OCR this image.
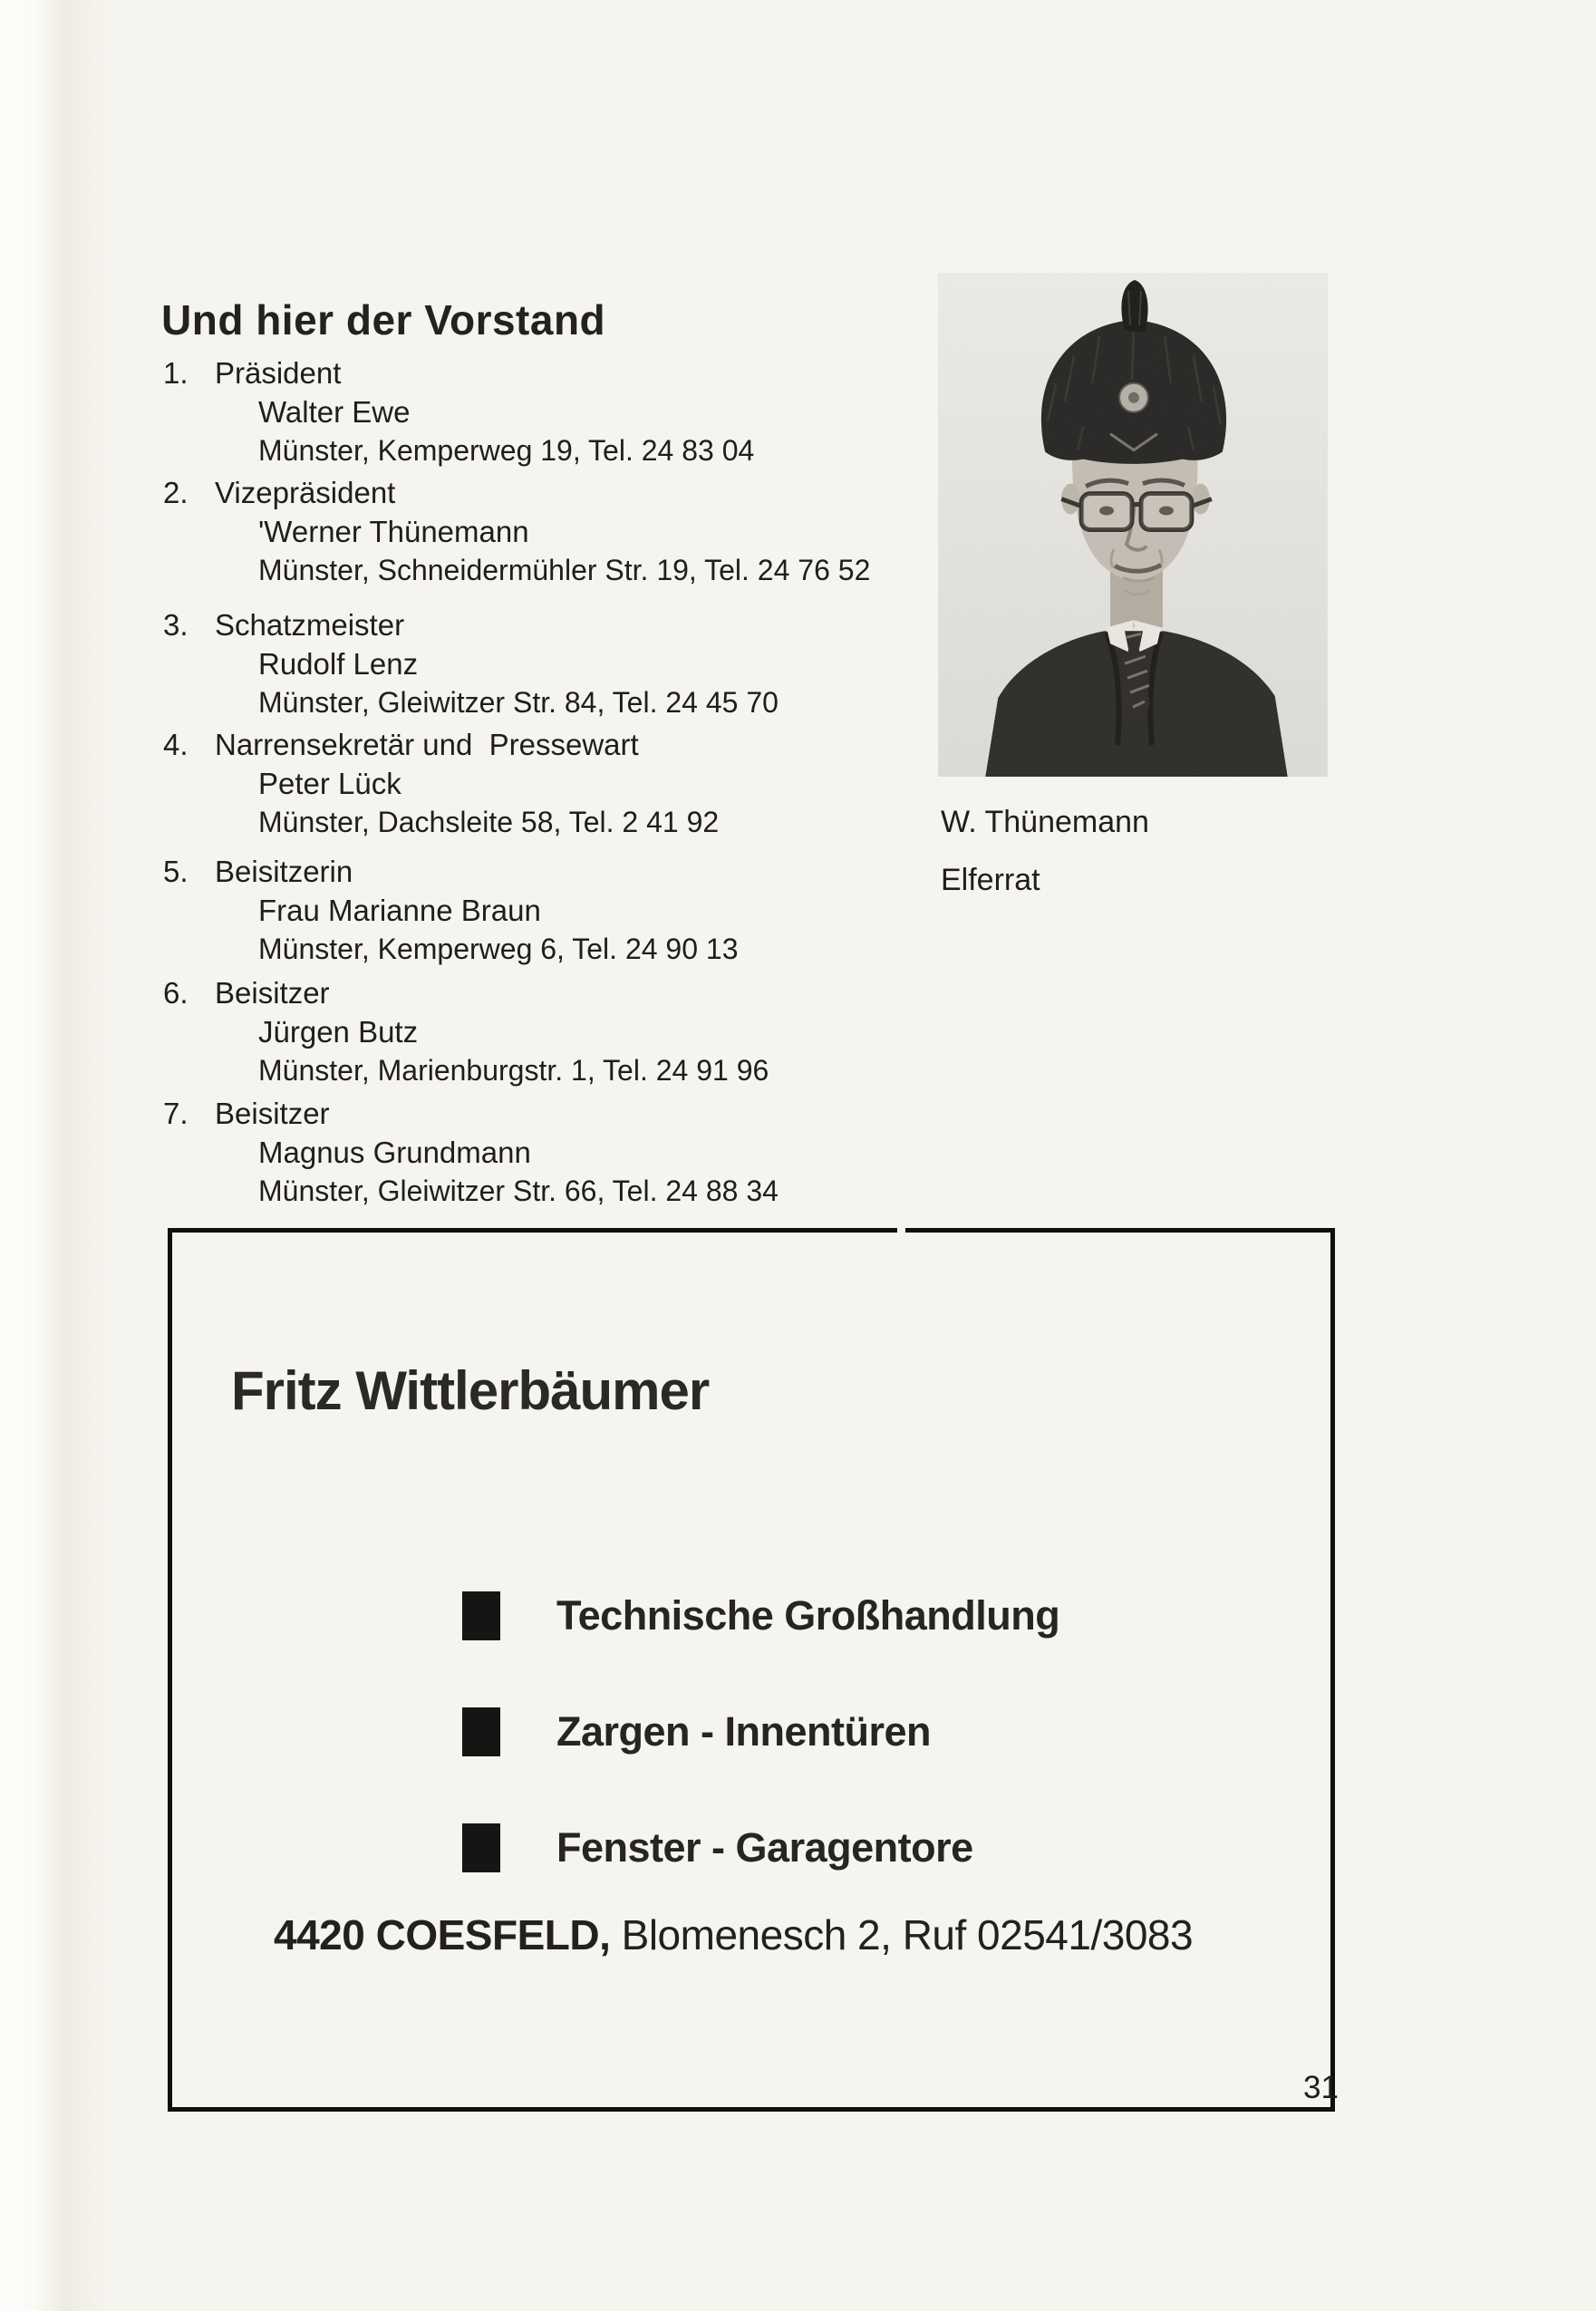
Und hier der Vorstand
1. Präsident
Walter Ewe
Münster, Kemperweg 19, Tel. 24 83 04
2. Vizepräsident
'Werner Thünemann
Münster, Schneidermühler Str. 19, Tel. 24 76 52
3. Schatzmeister
Rudolf Lenz
Münster, Gleiwitzer Str. 84, Tel. 24 45 70
4. Narrensekretär und  Pressewart
Peter Lück
Münster, Dachsleite 58, Tel. 2 41 92
5. Beisitzerin
Frau Marianne Braun
Münster, Kemperweg 6, Tel. 24 90 13
6. Beisitzer
Jürgen Butz
Münster, Marienburgstr. 1, Tel. 24 91 96
7. Beisitzer
Magnus Grundmann
Münster, Gleiwitzer Str. 66, Tel. 24 88 34
W. Thünemann
Elferrat
Fritz Wittlerbäumer
Technische Großhandlung
Zargen - Innentüren
Fenster - Garagentore
4420 COESFELD, Blomenesch 2, Ruf 02541/3083
31
